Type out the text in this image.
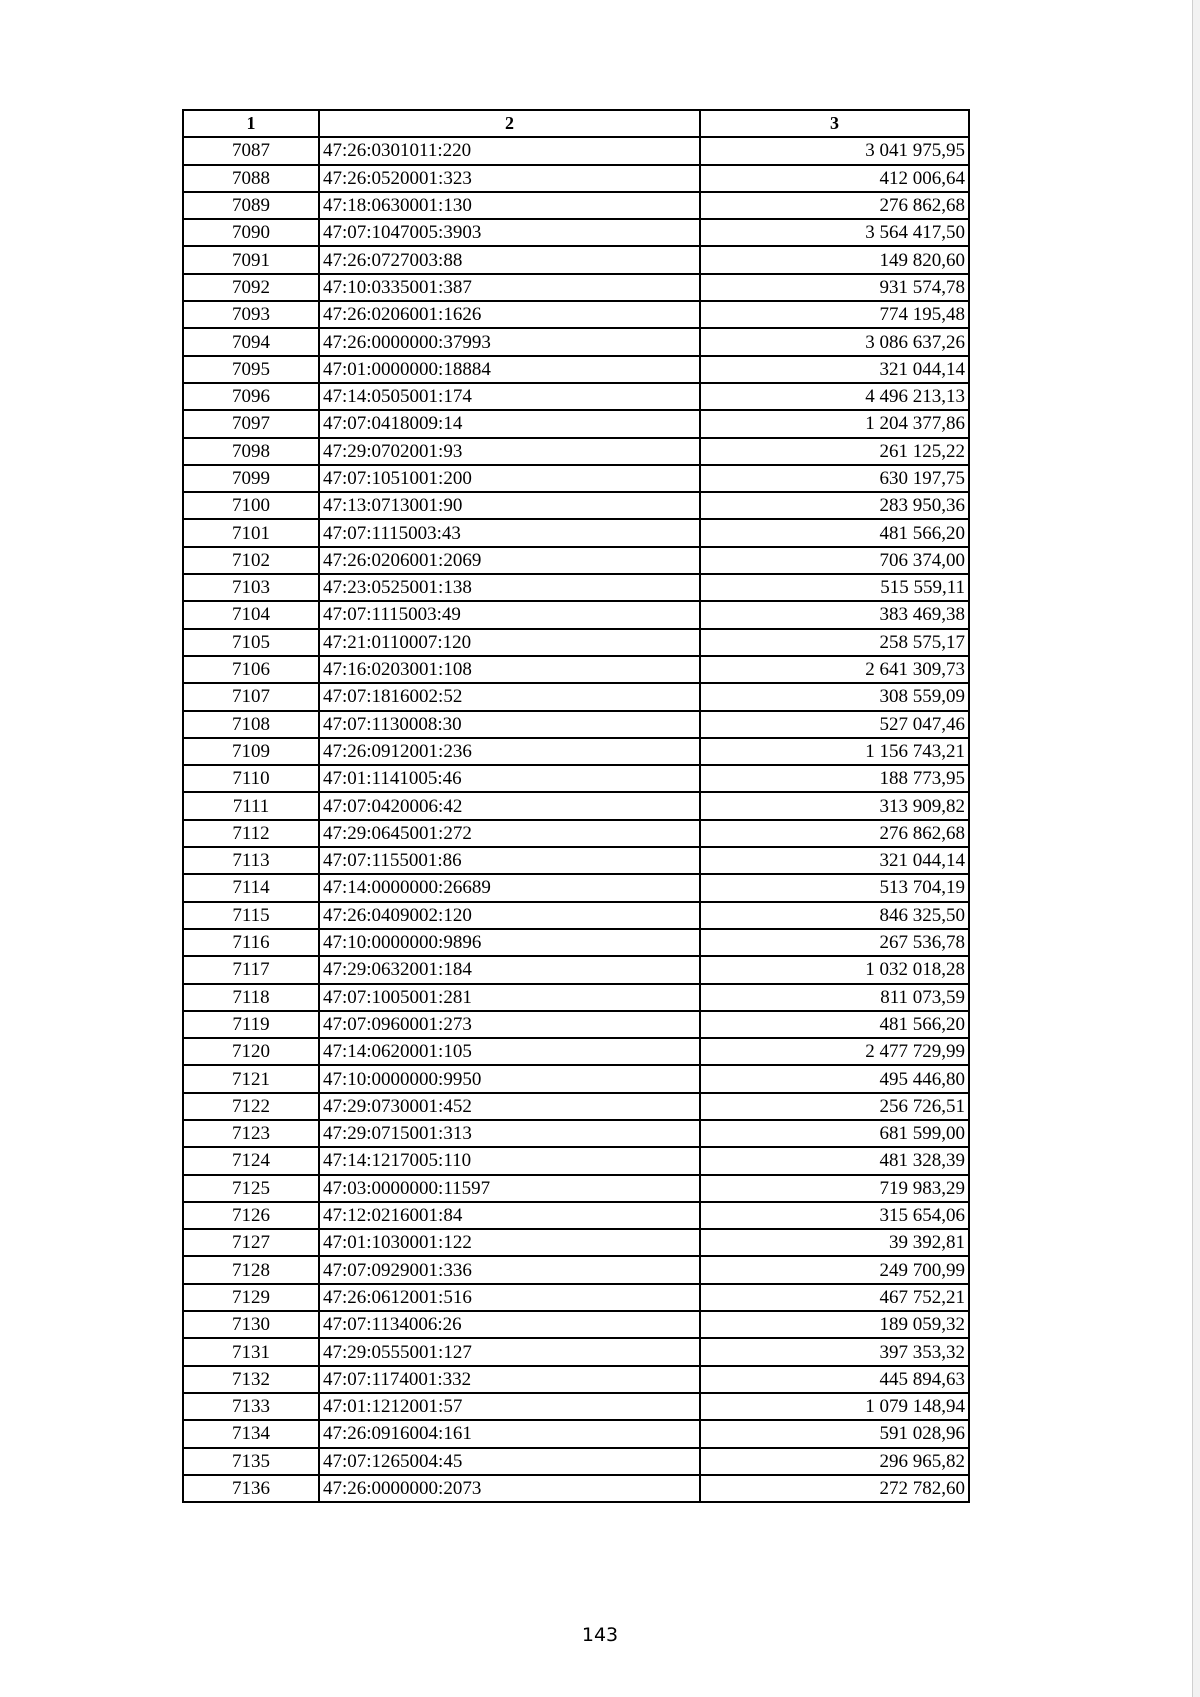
1	2	3
7087	47:26:0301011:220	3 041 975,95
7088	47:26:0520001:323	412 006,64
7089	47:18:0630001:130	276 862,68
7090	47:07:1047005:3903	3 564 417,50
7091	47:26:0727003:88	149 820,60
7092	47:10:0335001:387	931 574,78
7093	47:26:0206001:1626	774 195,48
7094	47:26:0000000:37993	3 086 637,26
7095	47:01:0000000:18884	321 044,14
7096	47:14:0505001:174	4 496 213,13
7097	47:07:0418009:14	1 204 377,86
7098	47:29:0702001:93	261 125,22
7099	47:07:1051001:200	630 197,75
7100	47:13:0713001:90	283 950,36
7101	47:07:1115003:43	481 566,20
7102	47:26:0206001:2069	706 374,00
7103	47:23:0525001:138	515 559,11
7104	47:07:1115003:49	383 469,38
7105	47:21:0110007:120	258 575,17
7106	47:16:0203001:108	2 641 309,73
7107	47:07:1816002:52	308 559,09
7108	47:07:1130008:30	527 047,46
7109	47:26:0912001:236	1 156 743,21
7110	47:01:1141005:46	188 773,95
7111	47:07:0420006:42	313 909,82
7112	47:29:0645001:272	276 862,68
7113	47:07:1155001:86	321 044,14
7114	47:14:0000000:26689	513 704,19
7115	47:26:0409002:120	846 325,50
7116	47:10:0000000:9896	267 536,78
7117	47:29:0632001:184	1 032 018,28
7118	47:07:1005001:281	811 073,59
7119	47:07:0960001:273	481 566,20
7120	47:14:0620001:105	2 477 729,99
7121	47:10:0000000:9950	495 446,80
7122	47:29:0730001:452	256 726,51
7123	47:29:0715001:313	681 599,00
7124	47:14:1217005:110	481 328,39
7125	47:03:0000000:11597	719 983,29
7126	47:12:0216001:84	315 654,06
7127	47:01:1030001:122	39 392,81
7128	47:07:0929001:336	249 700,99
7129	47:26:0612001:516	467 752,21
7130	47:07:1134006:26	189 059,32
7131	47:29:0555001:127	397 353,32
7132	47:07:1174001:332	445 894,63
7133	47:01:1212001:57	1 079 148,94
7134	47:26:0916004:161	591 028,96
7135	47:07:1265004:45	296 965,82
7136	47:26:0000000:2073	272 782,60
143
